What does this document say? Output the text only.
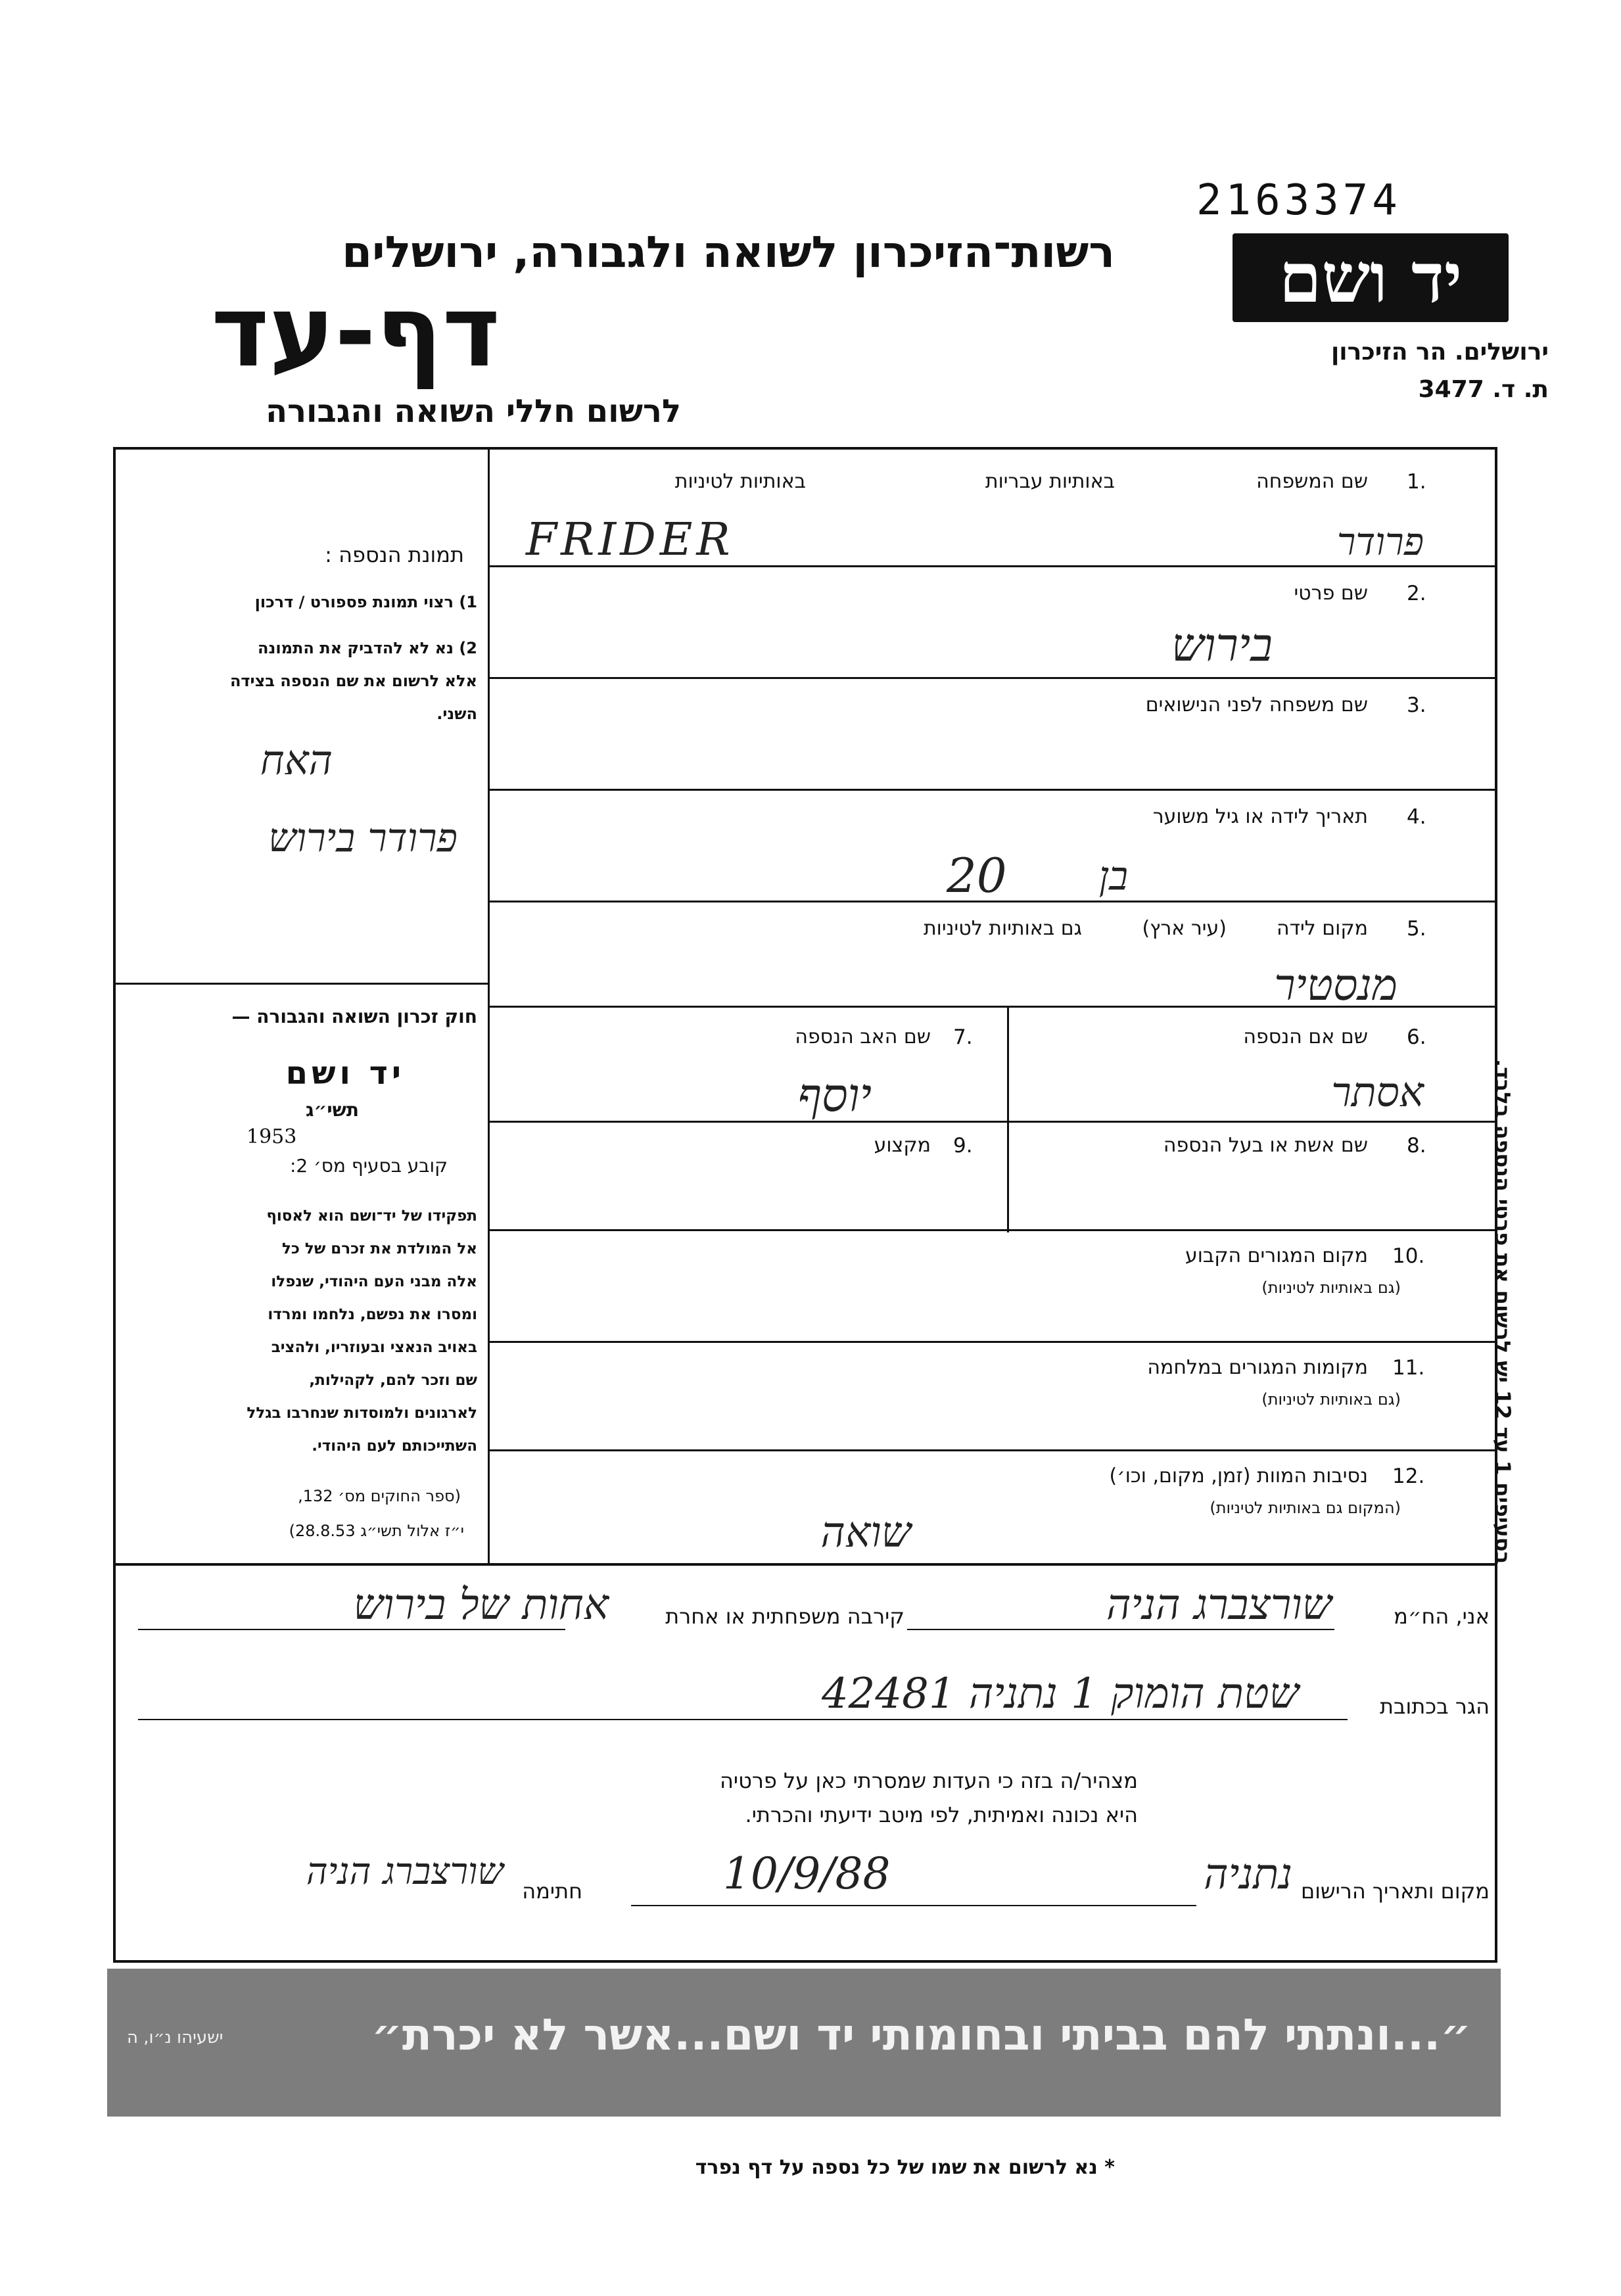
2163374
יד ושם
ירושלים. הר הזיכרון
ת. ד. 3477
רשות־הזיכרון לשואה ולגבורה, ירושלים
דף-עד
לרשום חללי השואה והגבורה
1.
שם המשפחה
באותיות עבריות
באותיות לטיניות
FRIDER	פרודר
2.
שם פרטי
בירוש
3.
שם משפחה לפני הנישואים
4.
תאריך לידה או גיל משוער
20 בן
5.
מקום לידה
(עיר ארץ)
גם באותיות לטיניות
מנסטיר
6.
שם אם הנספה
אסתר
7.
שם האב הנספה
יוסף
8.
שם אשת או בעל הנספה
9.
מקצוע
10.
מקום המגורים הקבוע
(גם באותיות לטיניות)
11.
מקומות המגורים במלחמה
(גם באותיות לטיניות)
12.
נסיבות המוות (זמן, מקום, וכו׳)
(המקום גם באותיות לטיניות)
שואה
תמונת הנספה :
1) רצוי תמונת פספורט / דרכון
2) נא לא להדביק את התמונה
אלא לרשום את שם הנספה בצידה
השני.
האח
פרודר בירוש
חוק זכרון השואה והגבורה —
יד ושם
תשי״ג
1953
קובע בסעיף מס׳ 2:
תפקידו של יד־ושם הוא לאסוף
אל המולדת את זכרם של כל
אלה מבני העם היהודי, שנפלו
ומסרו את נפשם, נלחמו ומרדו
באויב הנאצי ובעוזריו, ולהציב
שם וזכר להם, לקהילות,
לארגונים ולמוסדות שנחרבו בגלל
השתייכותם לעם היהודי.
(ספר החוקים מס׳ 132,
י״ז אלול תשי״ג 28.8.53)
בסעיפים 1 עד 12 יש לרשום את פרטי הנספה בלבד.
אני, הח״מ
שורצברג הניה
קירבה משפחתית או אחרת
אחות של בירוש
הגר בכתובת
שטת הומוק 1 נתניה 42481
מצהיר/ה בזה כי העדות שמסרתי כאן על פרטיה
היא נכונה ואמיתית, לפי מיטב ידיעתי והכרתי.
מקום ותאריך הרישום
נתניה
10/9/88
חתימה
שורצברג הניה
״...ונתתי להם בביתי ובחומותי יד ושם...אשר לא יכרת״
ישעיהו נ״ו, ה
* נא לרשום את שמו של כל נספה על דף נפרד
